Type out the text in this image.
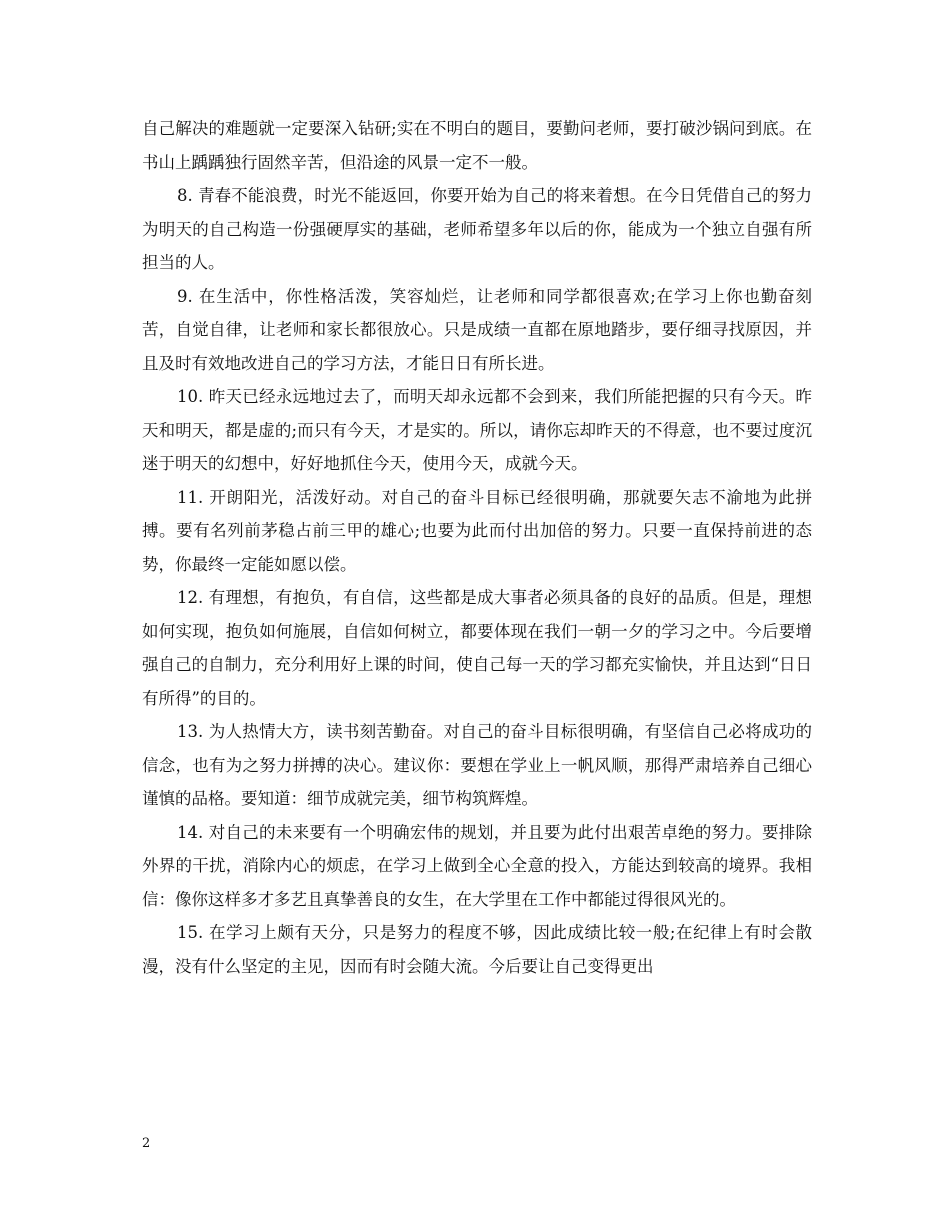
自己解决的难题就一定要深入钻研;实在不明白的题目，要勤问老师，要打破沙锅问到底。在书山上踽踽独行固然辛苦，但沿途的风景一定不一般。

8. 青春不能浪费，时光不能返回，你要开始为自己的将来着想。在今日凭借自己的努力为明天的自己构造一份强硬厚实的基础，老师希望多年以后的你，能成为一个独立自强有所担当的人。

9. 在生活中，你性格活泼，笑容灿烂，让老师和同学都很喜欢;在学习上你也勤奋刻苦，自觉自律，让老师和家长都很放心。只是成绩一直都在原地踏步，要仔细寻找原因，并且及时有效地改进自己的学习方法，才能日日有所长进。

10. 昨天已经永远地过去了，而明天却永远都不会到来，我们所能把握的只有今天。昨天和明天，都是虚的;而只有今天，才是实的。所以，请你忘却昨天的不得意，也不要过度沉迷于明天的幻想中，好好地抓住今天，使用今天，成就今天。

11. 开朗阳光，活泼好动。对自己的奋斗目标已经很明确，那就要矢志不渝地为此拼搏。要有名列前茅稳占前三甲的雄心;也要为此而付出加倍的努力。只要一直保持前进的态势，你最终一定能如愿以偿。

12. 有理想，有抱负，有自信，这些都是成大事者必须具备的良好的品质。但是，理想如何实现，抱负如何施展，自信如何树立，都要体现在我们一朝一夕的学习之中。今后要增强自己的自制力，充分利用好上课的时间，使自己每一天的学习都充实愉快，并且达到“日日有所得”的目的。

13. 为人热情大方，读书刻苦勤奋。对自己的奋斗目标很明确，有坚信自己必将成功的信念，也有为之努力拼搏的决心。建议你：要想在学业上一帆风顺，那得严肃培养自己细心谨慎的品格。要知道：细节成就完美，细节构筑辉煌。

14. 对自己的未来要有一个明确宏伟的规划，并且要为此付出艰苦卓绝的努力。要排除外界的干扰，消除内心的烦虑，在学习上做到全心全意的投入，方能达到较高的境界。我相信：像你这样多才多艺且真挚善良的女生，在大学里在工作中都能过得很风光的。

15. 在学习上颇有天分，只是努力的程度不够，因此成绩比较一般;在纪律上有时会散漫，没有什么坚定的主见，因而有时会随大流。今后要让自己变得更出

2
